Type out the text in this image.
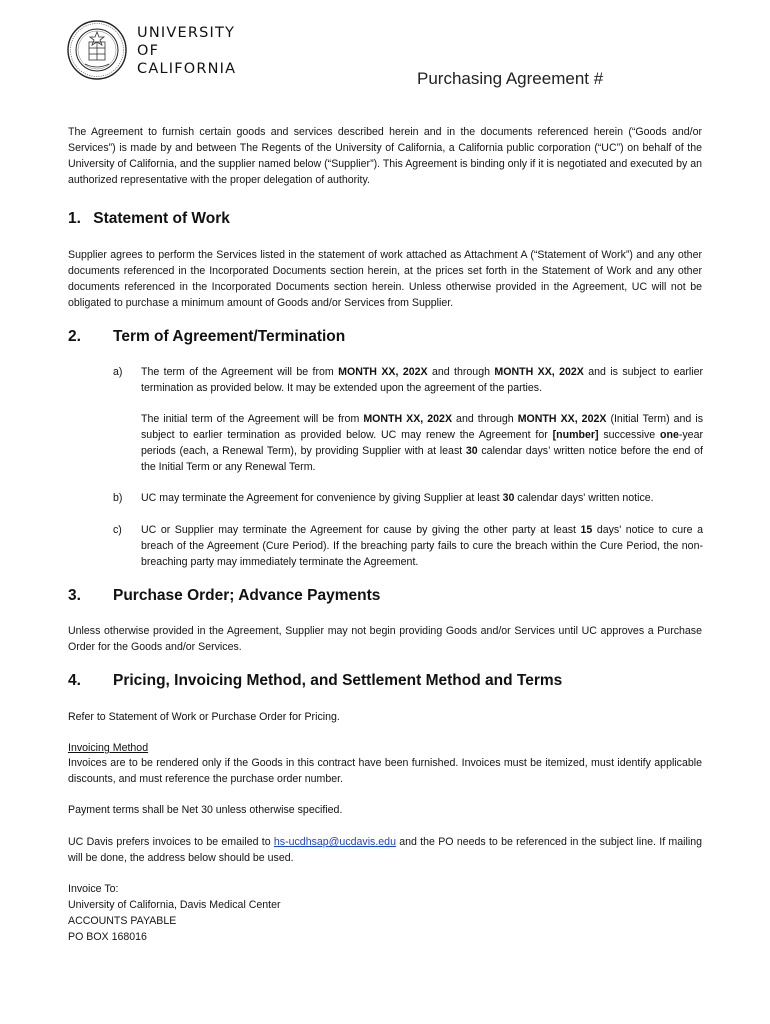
UNIVERSITY
OF
CALIFORNIA	Purchasing Agreement #
The Agreement to furnish certain goods and services described herein and in the documents referenced herein (“Goods and/or Services”) is made by and between The Regents of the University of California, a California public corporation (“UC”) on behalf of the University of California, and the supplier named below (“Supplier”). This Agreement is binding only if it is negotiated and executed by an authorized representative with the proper delegation of authority.
1. Statement of Work
Supplier agrees to perform the Services listed in the statement of work attached as Attachment A (“Statement of Work”) and any other documents referenced in the Incorporated Documents section herein, at the prices set forth in the Statement of Work and any other documents referenced in the Incorporated Documents section herein. Unless otherwise provided in the Agreement, UC will not be obligated to purchase a minimum amount of Goods and/or Services from Supplier.
2. Term of Agreement/Termination
a) The term of the Agreement will be from MONTH XX, 202X and through MONTH XX, 202X and is subject to earlier termination as provided below. It may be extended upon the agreement of the parties.
The initial term of the Agreement will be from MONTH XX, 202X and through MONTH XX, 202X (Initial Term) and is subject to earlier termination as provided below. UC may renew the Agreement for [number] successive one-year periods (each, a Renewal Term), by providing Supplier with at least 30 calendar days’ written notice before the end of the Initial Term or any Renewal Term.
b) UC may terminate the Agreement for convenience by giving Supplier at least 30 calendar days' written notice.
c) UC or Supplier may terminate the Agreement for cause by giving the other party at least 15 days' notice to cure a breach of the Agreement (Cure Period). If the breaching party fails to cure the breach within the Cure Period, the non-breaching party may immediately terminate the Agreement.
3. Purchase Order; Advance Payments
Unless otherwise provided in the Agreement, Supplier may not begin providing Goods and/or Services until UC approves a Purchase Order for the Goods and/or Services.
4. Pricing, Invoicing Method, and Settlement Method and Terms
Refer to Statement of Work or Purchase Order for Pricing.
Invoicing Method
Invoices are to be rendered only if the Goods in this contract have been furnished. Invoices must be itemized, must identify applicable discounts, and must reference the purchase order number.
Payment terms shall be Net 30 unless otherwise specified.
UC Davis prefers invoices to be emailed to hs-ucdhsap@ucdavis.edu and the PO needs to be referenced in the subject line. If mailing will be done, the address below should be used.
Invoice To:
University of California, Davis Medical Center
ACCOUNTS PAYABLE
PO BOX 168016
